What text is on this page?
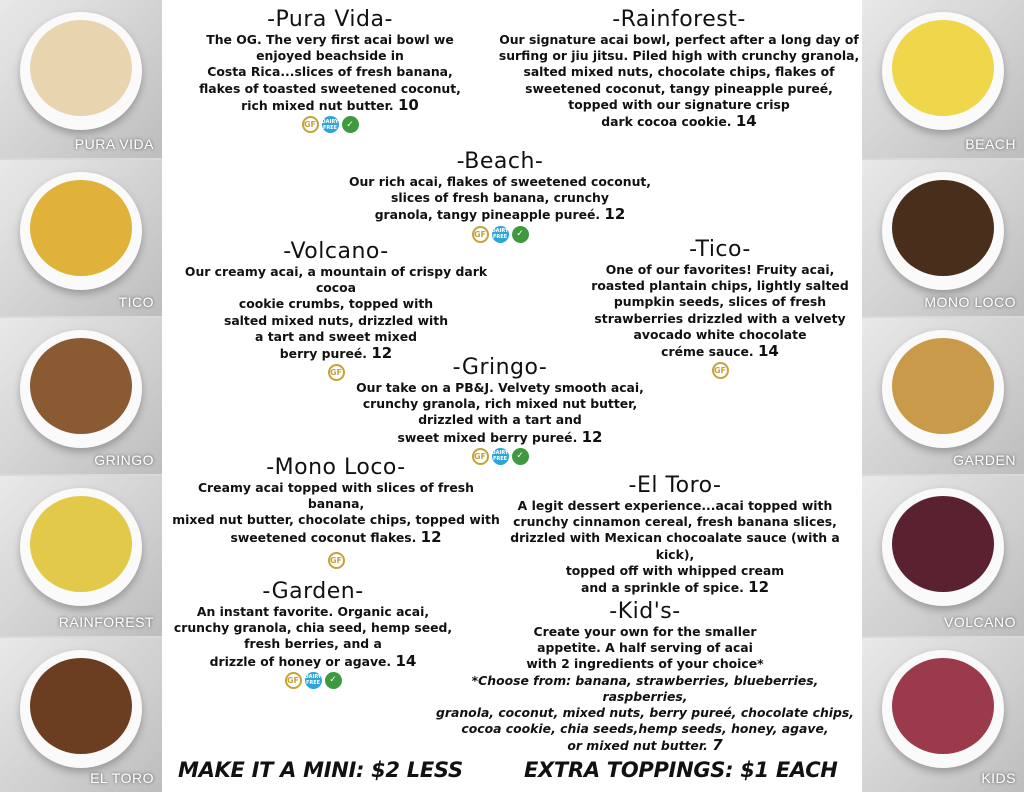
PURA VIDA
TICO
GRINGO
RAINFOREST
EL TORO
BEACH
MONO LOCO
GARDEN
VOLCANO
KIDS
-Pura Vida-
The OG. The very first acai bowl we
enjoyed beachside in
Costa Rica...slices of fresh banana,
flakes of toasted sweetened coconut,
rich mixed nut butter. 10
GF	DAIRY FREE	✓
-Rainforest-
Our signature acai bowl, perfect after a long day of
surfing or jiu jitsu. Piled high with crunchy granola,
salted mixed nuts, chocolate chips, flakes of
sweetened coconut, tangy pineapple pureé,
topped with our signature crisp
dark cocoa cookie. 14
-Beach-
Our rich acai, flakes of sweetened coconut,
slices of fresh banana, crunchy
granola, tangy pineapple pureé. 12
GF	DAIRY FREE	✓
-Volcano-
Our creamy acai, a mountain of crispy dark cocoa
cookie crumbs, topped with
salted mixed nuts, drizzled with
a tart and sweet mixed
berry pureé. 12
GF
-Tico-
One of our favorites! Fruity acai,
roasted plantain chips, lightly salted
pumpkin seeds, slices of fresh
strawberries drizzled with a velvety
avocado white chocolate
créme sauce. 14
GF
-Gringo-
Our take on a PB&J. Velvety smooth acai,
crunchy granola, rich mixed nut butter,
drizzled with a tart and
sweet mixed berry pureé. 12
GF	DAIRY FREE	✓
-Mono Loco-
Creamy acai topped with slices of fresh banana,
mixed nut butter, chocolate chips, topped with
sweetened coconut flakes. 12
GF
-El Toro-
A legit dessert experience...acai topped with
crunchy cinnamon cereal, fresh banana slices,
drizzled with Mexican chocoalate sauce (with a kick),
topped off with whipped cream
and a sprinkle of spice. 12
-Garden-
An instant favorite. Organic acai,
crunchy granola, chia seed, hemp seed,
fresh berries, and a
drizzle of honey or agave. 14
GF	DAIRY FREE	✓
-Kid's-
Create your own for the smaller
appetite. A half serving of acai
with 2 ingredients of your choice*
*Choose from: banana, strawberries, blueberries, raspberries,
granola, coconut, mixed nuts, berry pureé, chocolate chips,
cocoa cookie, chia seeds,hemp seeds, honey, agave,
or mixed nut butter. 7
MAKE IT A MINI: $2 LESS	EXTRA TOPPINGS: $1 EACH
